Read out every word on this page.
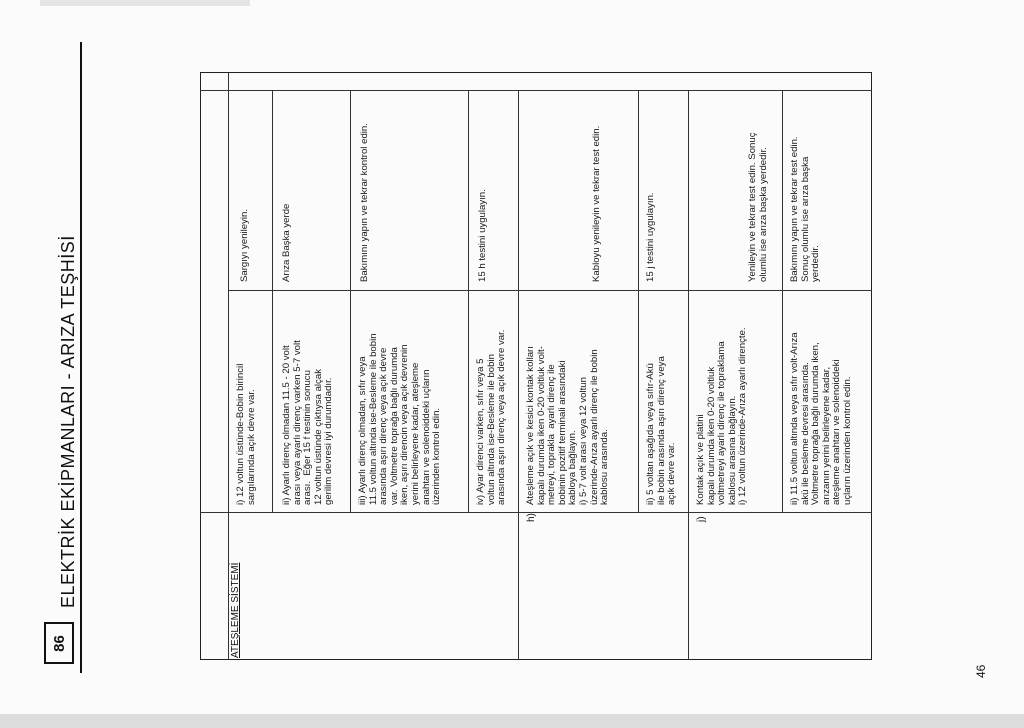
86
ELEKTRİK EKİPMANLARI - ARIZA TEŞHİSİ
ATEŞLEME SİSTEMİ
i) 12 voltun üstünde-Bobin birincil
sargılarında açık devre var.
Sargıyı yenileyin.
ii) Ayarlı direnç olmadan 11.5 - 20 volt
arası veya ayarlı direnç varken 5-7 volt
arası.  Eğer 15 f testinin sonucu
12 voltun üstünde çıktıysa alçak
gerilim devresi iyi durumdadır.
Arıza Başka yerde
iii) Ayarlı direnç olmadan, sıfır veya
11.5 voltun altında ise-Besleme ile bobin
arasında aşırı direnç veya açık devre
var. Voltmetre toprağa bağlı durumda
iken, aşırı direncin veya açık devrenin
yerini belirleyene kadar, ateşleme
anahtarı ve solenoiddeki uçların
üzerinden kontrol edin.
Bakımını yapın ve tekrar kontrol edin.
iv) Ayar direnci varken, sıfır veya 5
voltun altında ise-Besleme ile bobin
arasında aşırı direnç veya açık devre var.
15 h testini uygulayın.
h)
Ateşleme açık ve kesici kontak kolları
kapalı durumda iken 0-20 voltluk volt-
metreyi, toprakla  ayarlı direnç ile
bobinin pozitif terminali arasındaki
kabloya bağlayın.
i) 5-7 volt arası veya 12 voltun
üzerinde-Arıza ayarlı direnç ile bobin
kablosu arasında.
Kabloyu yenileyin ve tekrar test edin.
ii) 5 voltan aşağıda veya sıfır-Akü
ile bobin arasında aşırı direnç veya
açık devre var.
15 j testini uygulayın.
j)
Kontak açık ve platini
kapalı durumda iken 0-20 voltluk
voltmetreyi ayarlı direnç ile topraklama
kablosu arasına bağlayın.
i) 12 voltun üzerinde-Arıza ayarlı dirençte.
Yenileyin ve tekrar test edin. Sonuç
olumlu ise arıza başka yerdedir.
ii) 11.5 voltun altında veya sıfır volt-Arıza
akü ile besleme devresi arasında.
Voltmetre toprağa bağlı durumda iken,
arızanın yerini belirleyene kadar,
ateşleme anahtarı ve solenoiddeki
uçların üzerinden kontrol edin.
Bakımını yapın ve tekrar test edin.
Sonuç olumlu ise arıza başka
yerdedir.
46
